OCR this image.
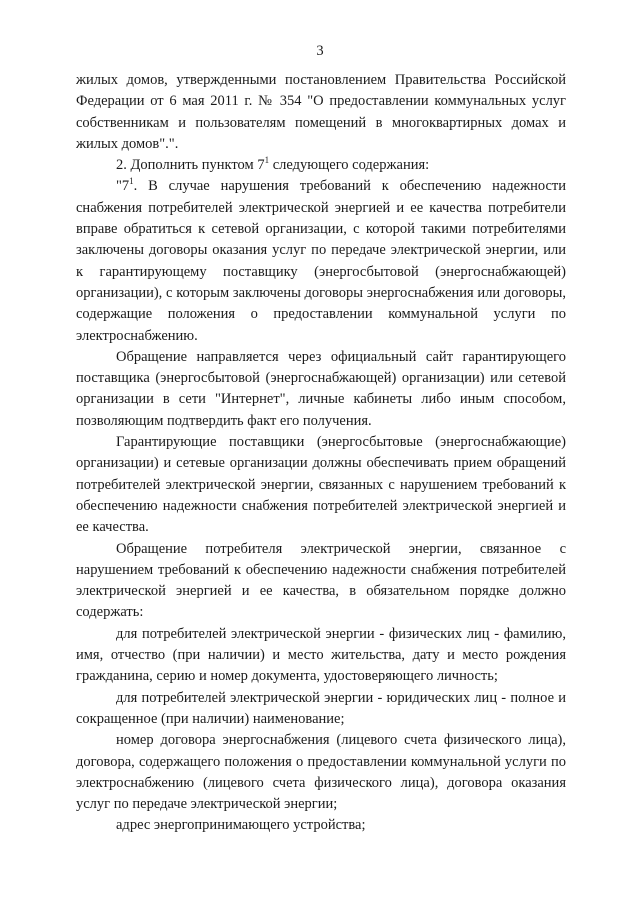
3

жилых домов, утвержденными постановлением Правительства Российской Федерации от 6 мая 2011 г. № 354 "О предоставлении коммунальных услуг собственникам и пользователям помещений в многоквартирных домах и жилых домов".".

2. Дополнить пунктом $7^1$ следующего содержания:

"$7^1$. В случае нарушения требований к обеспечению надежности снабжения потребителей электрической энергией и ее качества потребители вправе обратиться к сетевой организации, с которой такими потребителями заключены договоры оказания услуг по передаче электрической энергии, или к гарантирующему поставщику (энергосбытовой (энергоснабжающей) организации), с которым заключены договоры энергоснабжения или договоры, содержащие положения о предоставлении коммунальной услуги по электроснабжению.

Обращение направляется через официальный сайт гарантирующего поставщика (энергосбытовой (энергоснабжающей) организации) или сетевой организации в сети "Интернет", личные кабинеты либо иным способом, позволяющим подтвердить факт его получения.

Гарантирующие поставщики (энергосбытовые (энергоснабжающие) организации) и сетевые организации должны обеспечивать прием обращений потребителей электрической энергии, связанных с нарушением требований к обеспечению надежности снабжения потребителей электрической энергией и ее качества.

Обращение потребителя электрической энергии, связанное с нарушением требований к обеспечению надежности снабжения потребителей электрической энергией и ее качества, в обязательном порядке должно содержать:

для потребителей электрической энергии - физических лиц - фамилию, имя, отчество (при наличии) и место жительства, дату и место рождения гражданина, серию и номер документа, удостоверяющего личность;

для потребителей электрической энергии - юридических лиц - полное и сокращенное (при наличии) наименование;

номер договора энергоснабжения (лицевого счета физического лица), договора, содержащего положения о предоставлении коммунальной услуги по электроснабжению (лицевого счета физического лица), договора оказания услуг по передаче электрической энергии;

адрес энергопринимающего устройства;
